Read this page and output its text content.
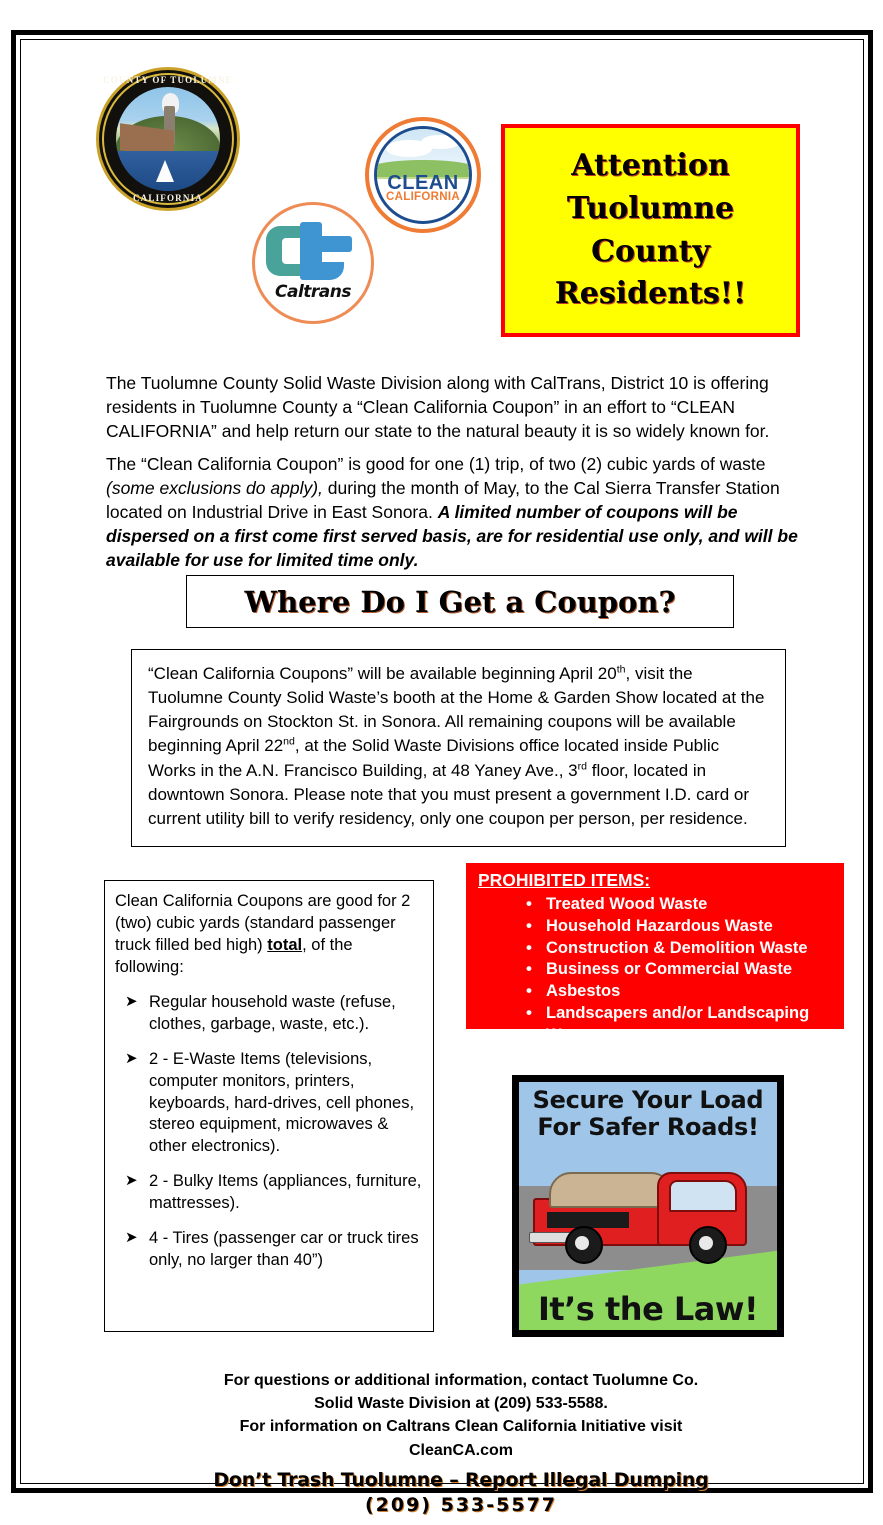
COUNTY OF TUOLUMNE
CALIFORNIA
Caltrans
CLEAN
CALIFORNIA
Attention
Tuolumne
County
Residents!!
The Tuolumne County Solid Waste Division along with CalTrans, District 10 is offering residents in Tuolumne County a “Clean California Coupon” in an effort to “CLEAN CALIFORNIA” and help return our state to the natural beauty it is so widely known for.
The “Clean California Coupon” is good for one (1) trip, of two (2) cubic yards of waste (some exclusions do apply), during the month of May, to the Cal Sierra Transfer Station located on Industrial Drive in East Sonora. A limited number of coupons will be dispersed on a first come first served basis, are for residential use only, and will be available for use for limited time only.
Where Do I Get a Coupon?

“Clean California Coupons” will be available beginning April 20th, visit the Tuolumne County Solid Waste’s booth at the Home & Garden Show located at the Fairgrounds on Stockton St. in Sonora. All remaining coupons will be available beginning April 22nd, at the Solid Waste Divisions office located inside Public Works in the A.N. Francisco Building, at 48 Yaney Ave., 3rd floor, located in downtown Sonora. Please note that you must present a government I.D. card or current utility bill to verify residency, only one coupon per person, per residence.

Clean California Coupons are good for 2 (two) cubic yards (standard passenger truck filled bed high) total, of the following:

➤ Regular household waste (refuse, clothes, garbage, waste, etc.).
➤ 2 - E-Waste Items (televisions, computer monitors, printers, keyboards, hard-drives, cell phones, stereo equipment, microwaves & other electronics).
➤ 2 - Bulky Items (appliances, furniture, mattresses).
➤ 4 - Tires (passenger car or truck tires only, no larger than 40”)
PROHIBITED ITEMS:
• Treated Wood Waste
• Household Hazardous Waste
• Construction & Demolition Waste
• Business or Commercial Waste
• Asbestos
• Landscapers and/or Landscaping Waste
Secure Your Load
For Safer Roads!
It’s the Law!
For questions or additional information, contact Tuolumne Co.
Solid Waste Division at (209) 533-5588.
For information on Caltrans Clean California Initiative visit
CleanCA.com
Don’t Trash Tuolumne – Report Illegal Dumping
(209) 533-5577
